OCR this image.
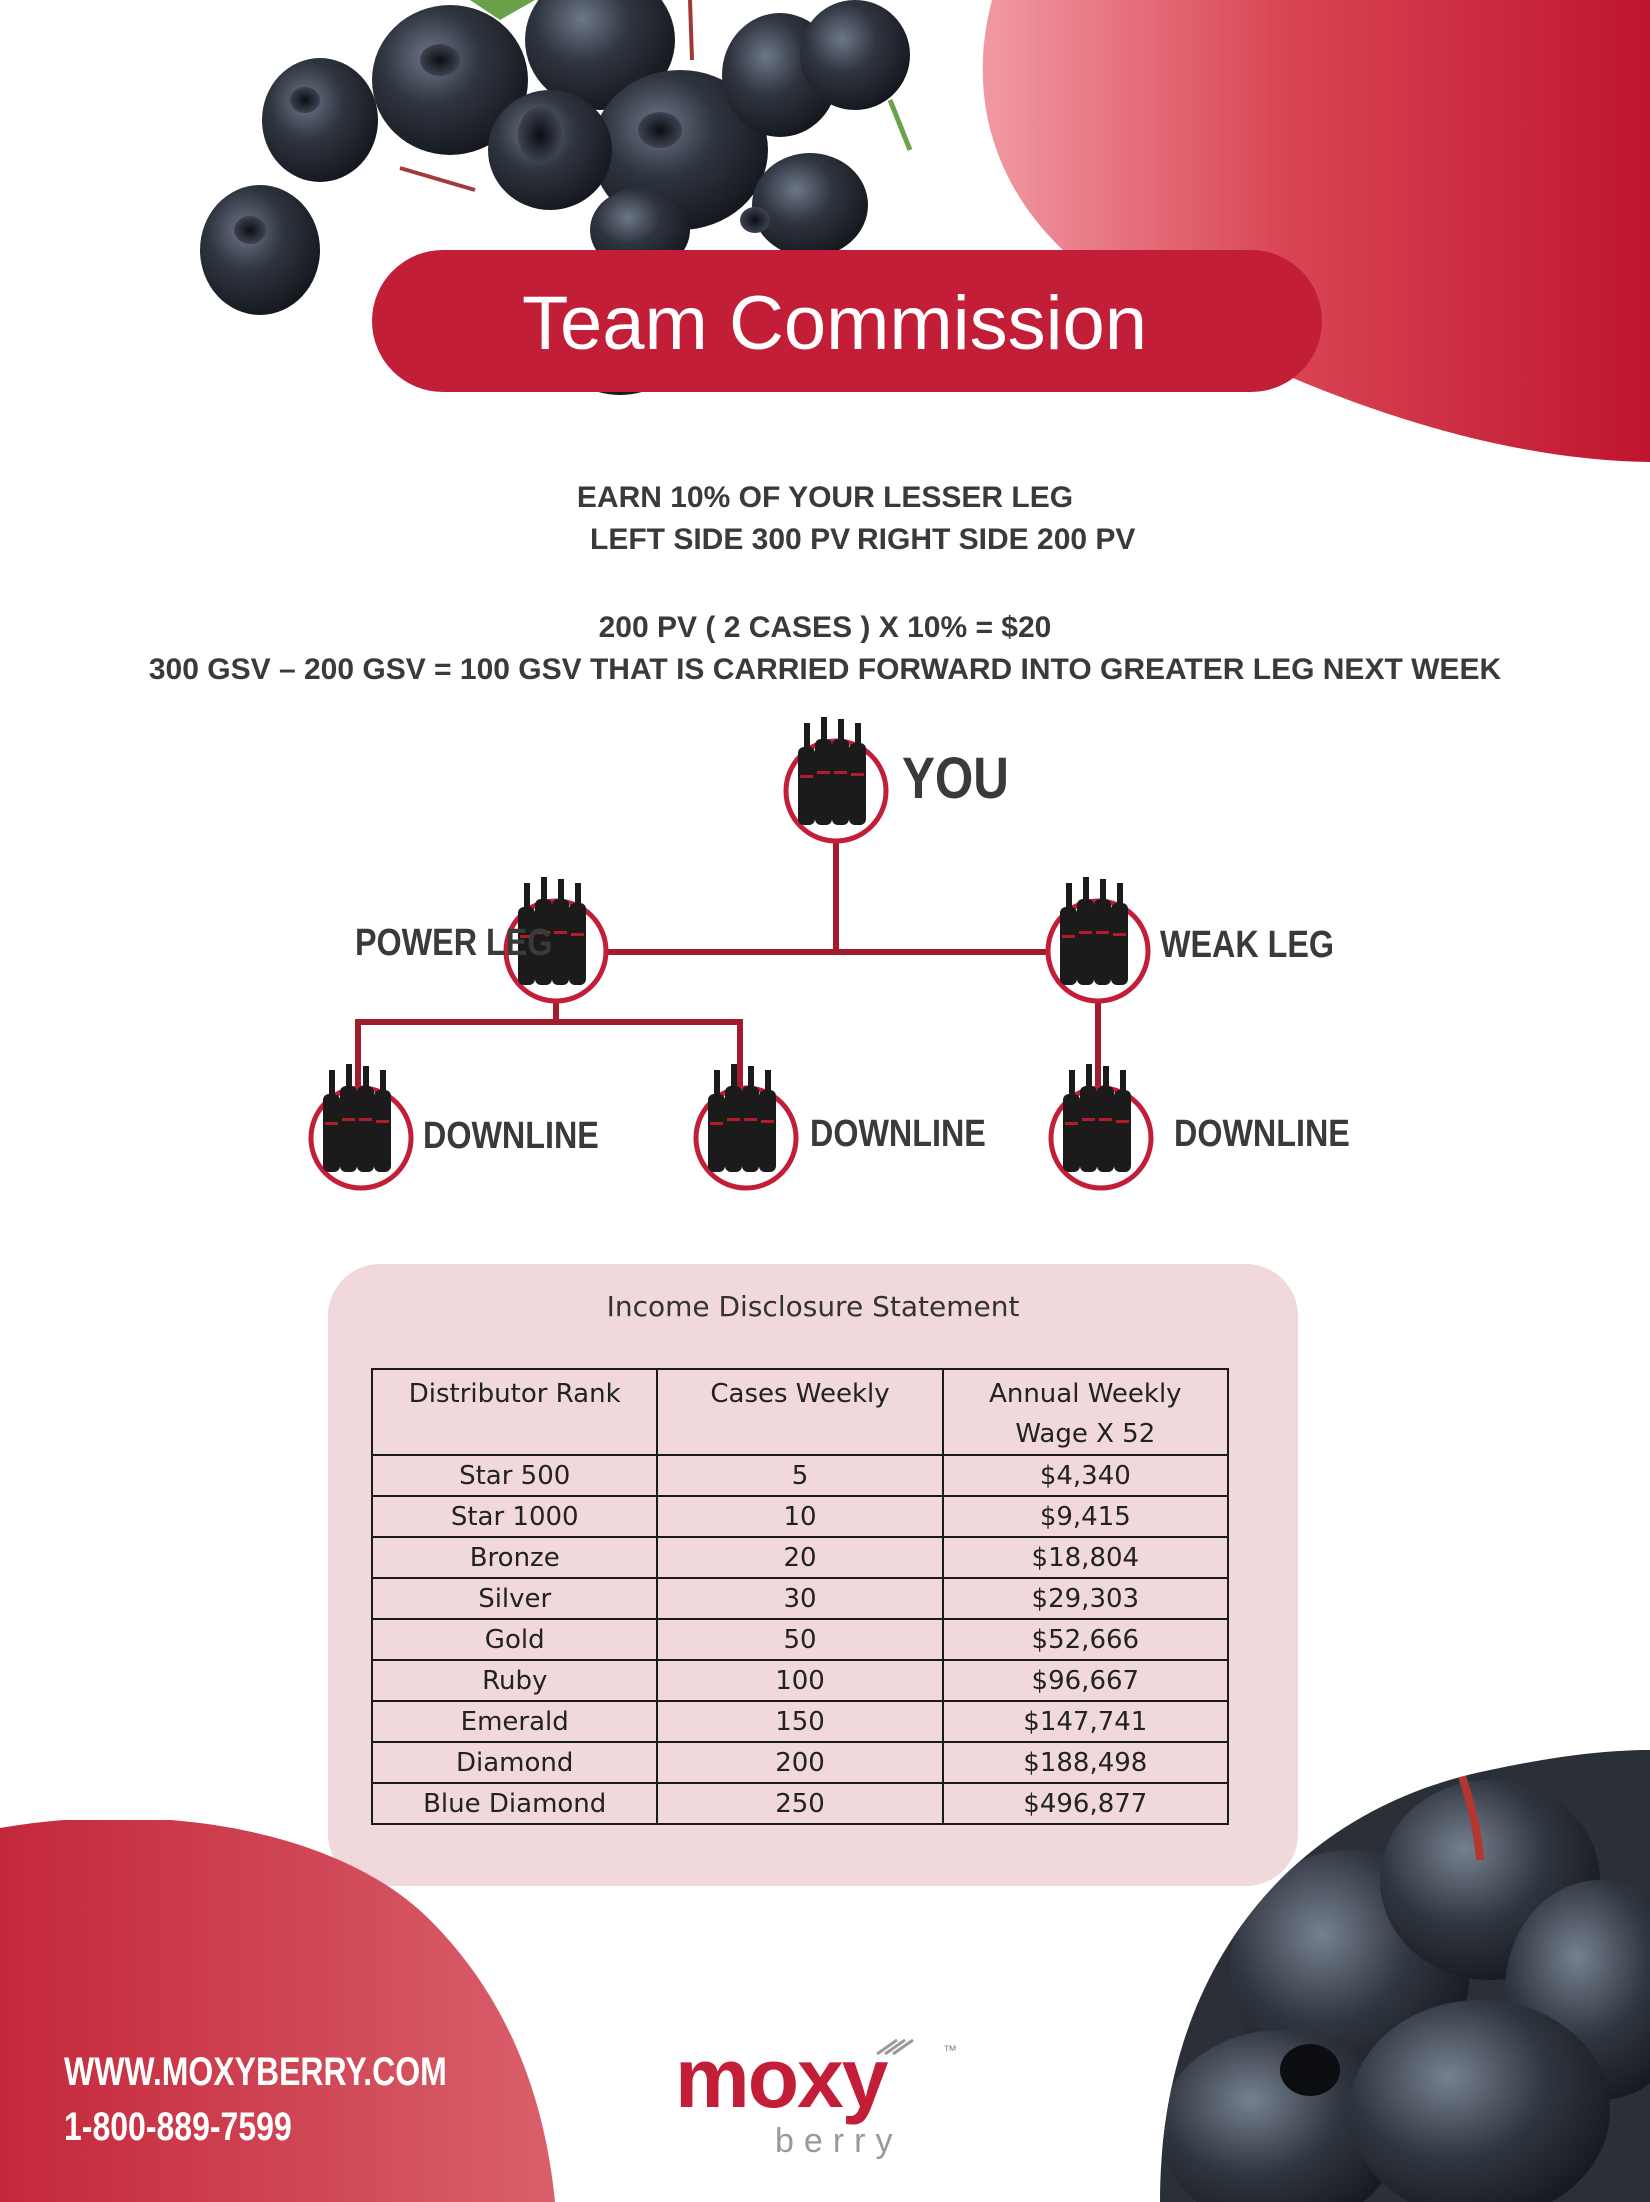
Team Commission
EARN 10% OF YOUR LESSER LEG
LEFT SIDE 300 PV RIGHT SIDE 200 PV
200 PV ( 2 CASES ) X 10% = $20
300 GSV – 200 GSV = 100 GSV THAT IS CARRIED FORWARD INTO GREATER LEG NEXT WEEK
YOU
POWER LEG	WEAK LEG
DOWNLINE	DOWNLINE	DOWNLINE
Income Disclosure Statement
Distributor Rank	Cases Weekly	Annual Weekly
Wage X 52
Star 500	5	$4,340
Star 1000	10	$9,415
Bronze	20	$18,804
Silver	30	$29,303
Gold	50	$52,666
Ruby	100	$96,667
Emerald	150	$147,741
Diamond	200	$188,498
Blue Diamond	250	$496,877
WWW.MOXYBERRY.COM
1-800-889-7599
moxy	™
berry
